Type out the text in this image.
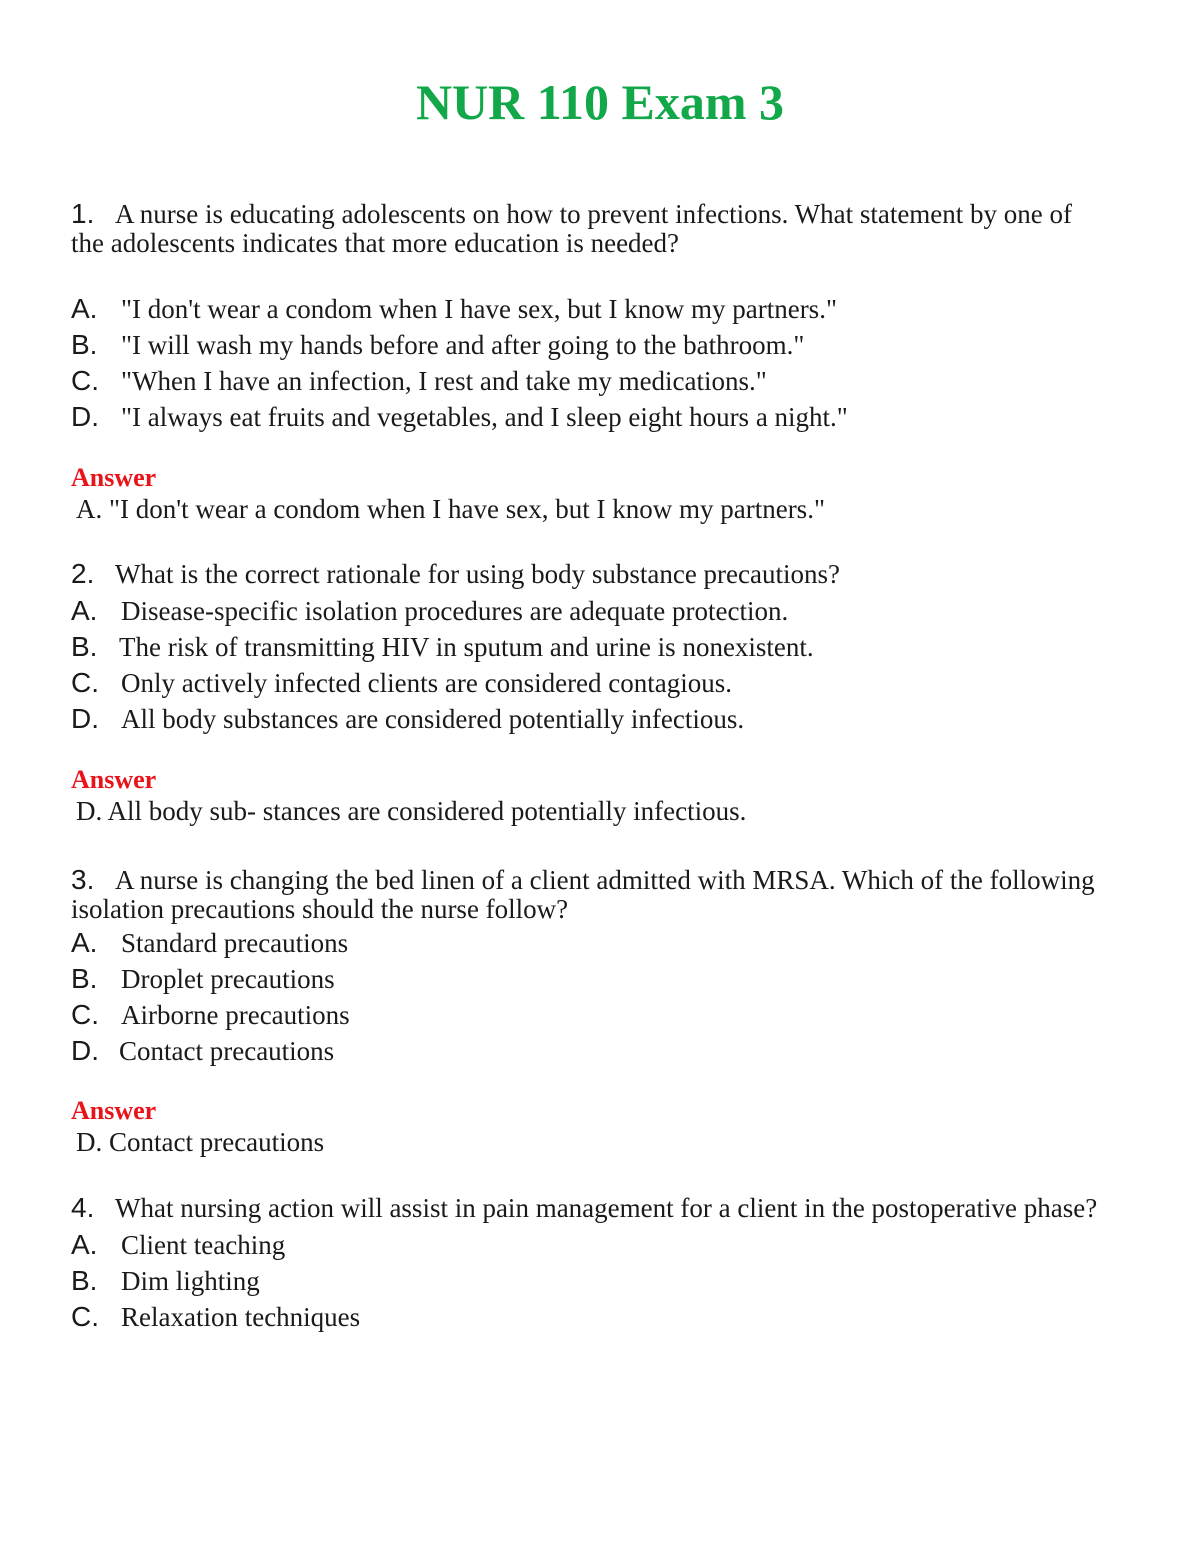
NUR 110 Exam 3
1. A nurse is educating adolescents on how to prevent infections. What statement by one of
the adolescents indicates that more education is needed?
A. "I don't wear a condom when I have sex, but I know my partners."
B. "I will wash my hands before and after going to the bathroom."
C. "When I have an infection, I rest and take my medications."
D. "I always eat fruits and vegetables, and I sleep eight hours a night."
Answer
A. "I don't wear a condom when I have sex, but I know my partners."
2. What is the correct rationale for using body substance precautions?
A. Disease-specific isolation procedures are adequate protection.
B. The risk of transmitting HIV in sputum and urine is nonexistent.
C. Only actively infected clients are considered contagious.
D. All body substances are considered potentially infectious.
Answer
D. All body sub- stances are considered potentially infectious.
3. A nurse is changing the bed linen of a client admitted with MRSA. Which of the following
isolation precautions should the nurse follow?
A. Standard precautions
B. Droplet precautions
C. Airborne precautions
D. Contact precautions
Answer
D. Contact precautions
4. What nursing action will assist in pain management for a client in the postoperative phase?
A. Client teaching
B. Dim lighting
C. Relaxation techniques
